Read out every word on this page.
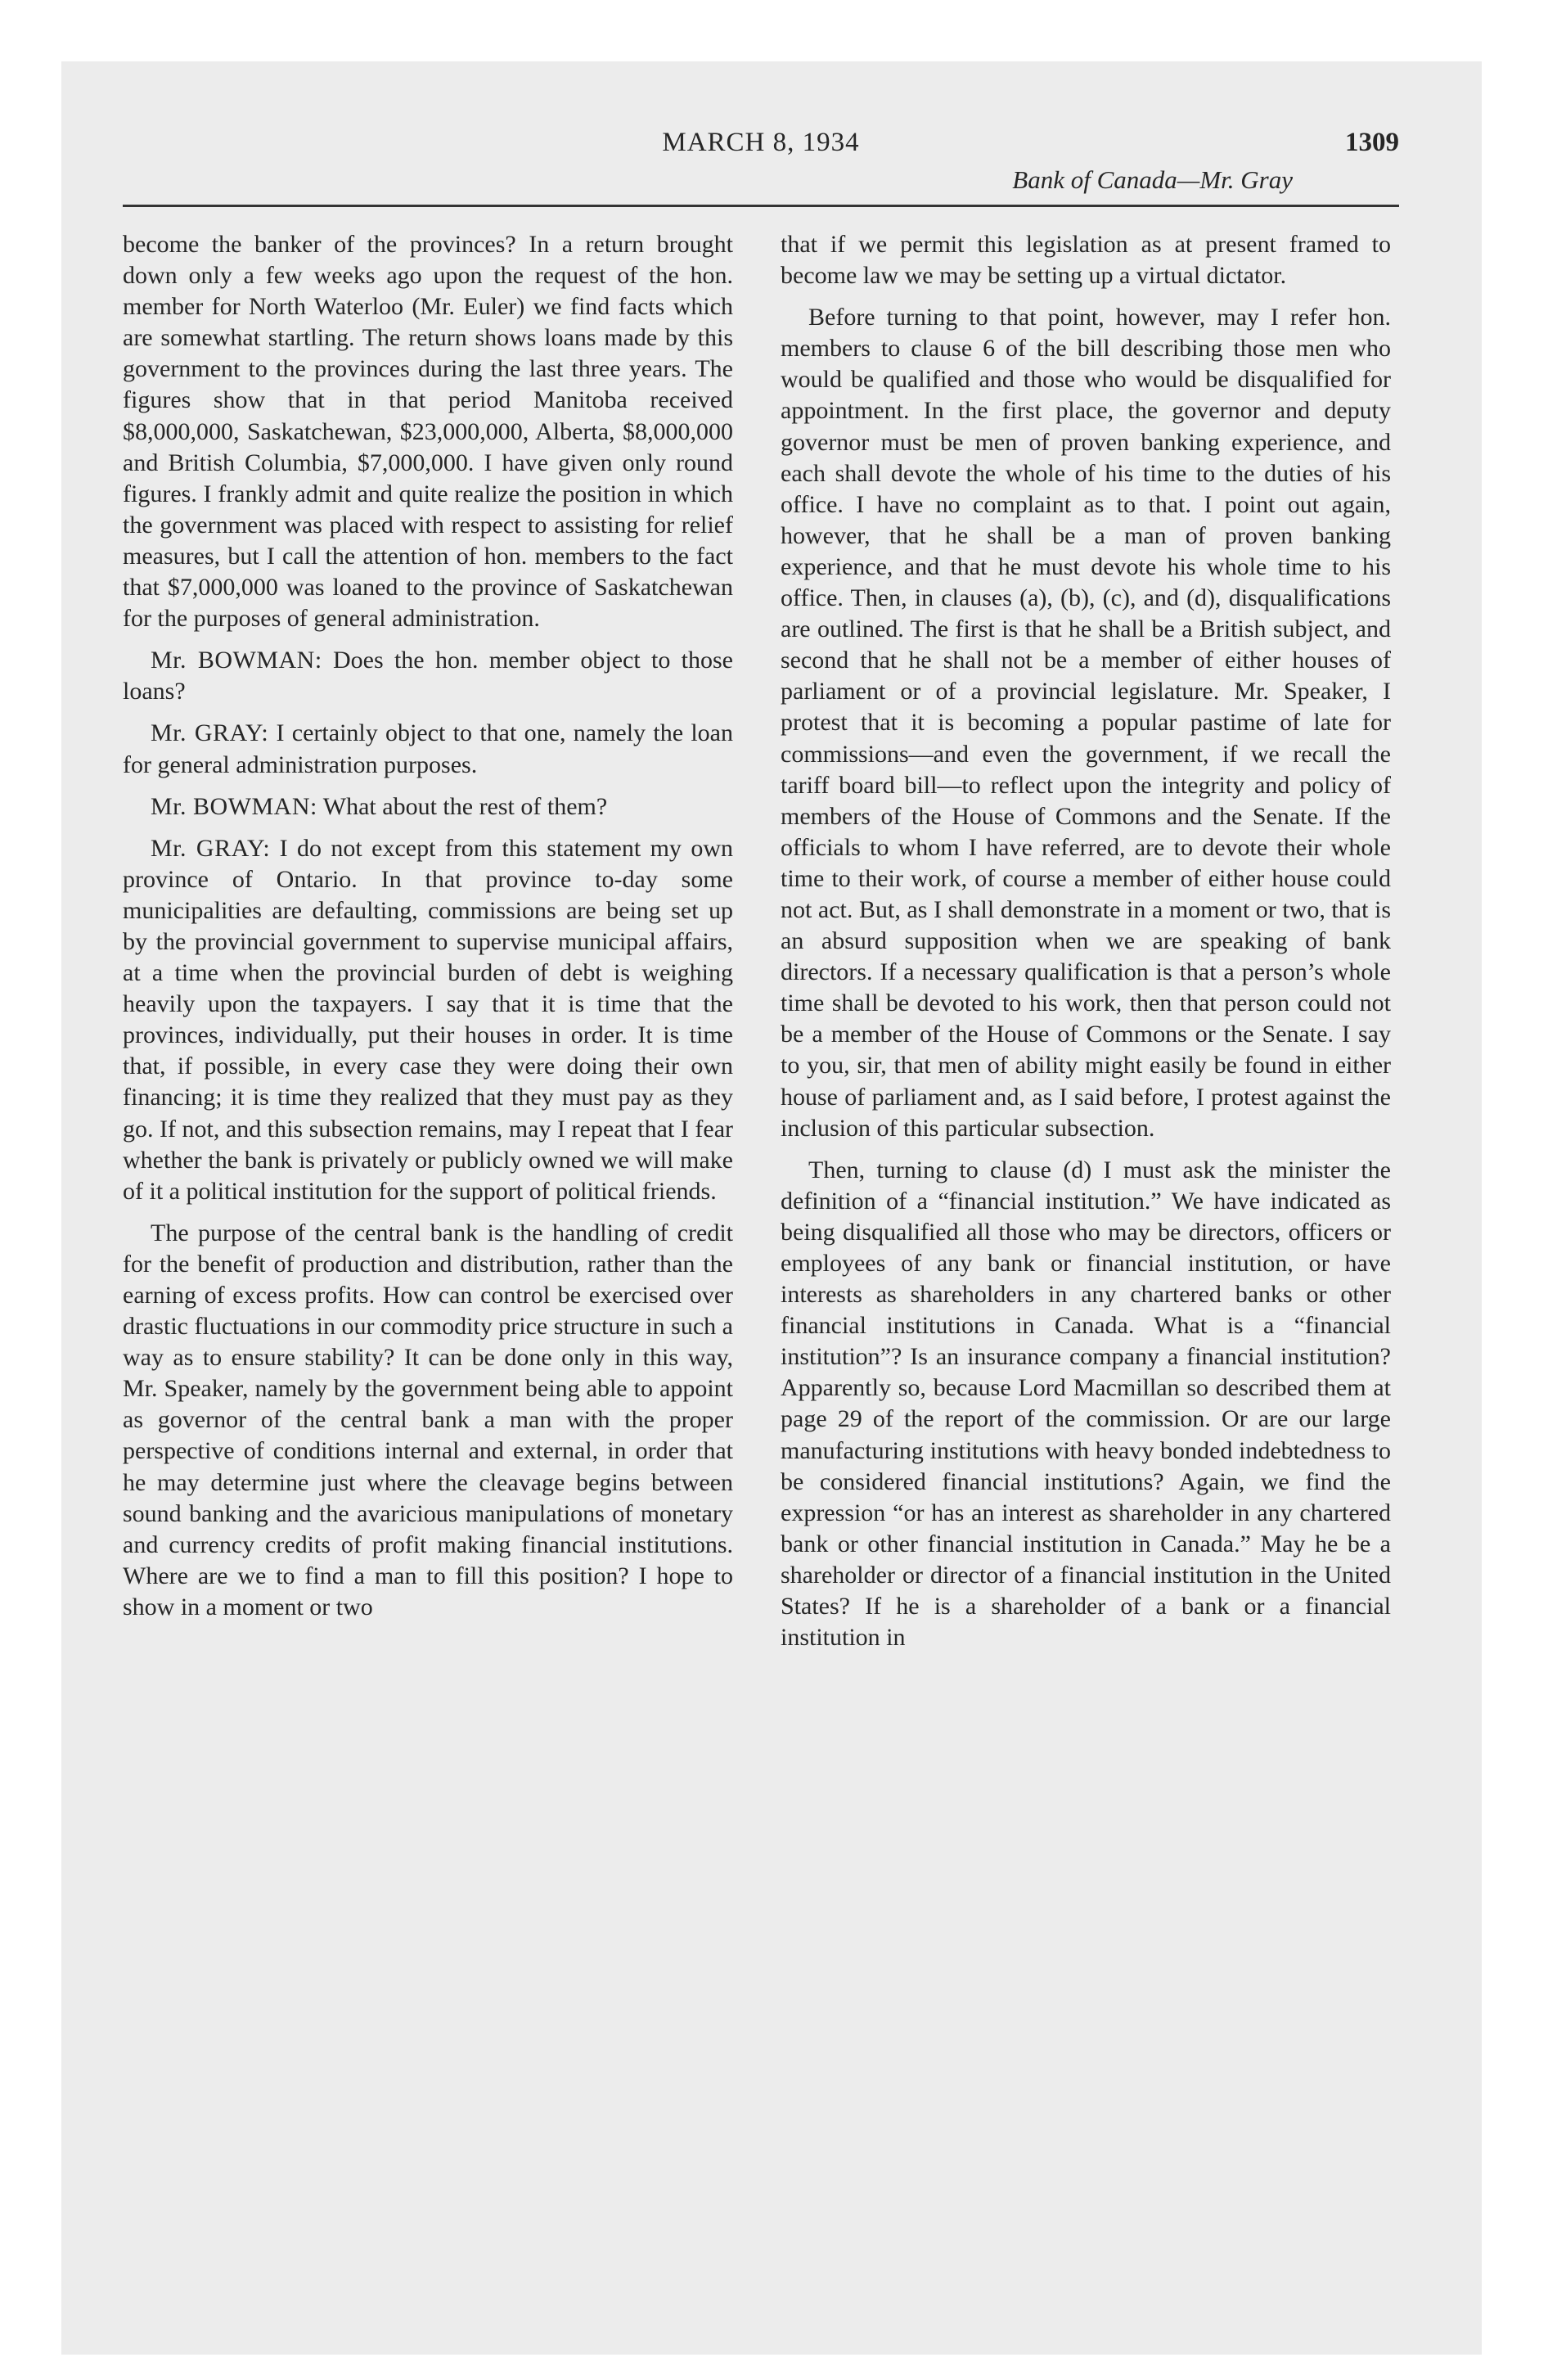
MARCH 8, 1934	1309
Bank of Canada—Mr. Gray

become the banker of the provinces? In a return brought down only a few weeks ago upon the request of the hon. member for North Waterloo (Mr. Euler) we find facts which are somewhat startling. The return shows loans made by this government to the provinces during the last three years. The figures show that in that period Manitoba received $8,000,000, Saskatchewan, $23,000,000, Alberta, $8,000,000 and British Columbia, $7,000,000. I have given only round figures. I frankly admit and quite realize the position in which the government was placed with respect to assisting for relief measures, but I call the attention of hon. members to the fact that $7,000,000 was loaned to the province of Saskatchewan for the purposes of general administration.

Mr. BOWMAN: Does the hon. member object to those loans?

Mr. GRAY: I certainly object to that one, namely the loan for general administration purposes.

Mr. BOWMAN: What about the rest of them?

Mr. GRAY: I do not except from this statement my own province of Ontario. In that province to-day some municipalities are defaulting, commissions are being set up by the provincial government to supervise municipal affairs, at a time when the provincial burden of debt is weighing heavily upon the taxpayers. I say that it is time that the provinces, individually, put their houses in order. It is time that, if possible, in every case they were doing their own financing; it is time they realized that they must pay as they go. If not, and this subsection remains, may I repeat that I fear whether the bank is privately or publicly owned we will make of it a political institution for the support of political friends.

The purpose of the central bank is the handling of credit for the benefit of production and distribution, rather than the earning of excess profits. How can control be exercised over drastic fluctuations in our commodity price structure in such a way as to ensure stability? It can be done only in this way, Mr. Speaker, namely by the government being able to appoint as governor of the central bank a man with the proper perspective of conditions internal and external, in order that he may determine just where the cleavage begins between sound banking and the avaricious manipulations of monetary and currency credits of profit making financial institutions. Where are we to find a man to fill this position? I hope to show in a moment or two

that if we permit this legislation as at present framed to become law we may be setting up a virtual dictator.

Before turning to that point, however, may I refer hon. members to clause 6 of the bill describing those men who would be qualified and those who would be disqualified for appointment. In the first place, the governor and deputy governor must be men of proven banking experience, and each shall devote the whole of his time to the duties of his office. I have no complaint as to that. I point out again, however, that he shall be a man of proven banking experience, and that he must devote his whole time to his office. Then, in clauses (a), (b), (c), and (d), disqualifications are outlined. The first is that he shall be a British subject, and second that he shall not be a member of either houses of parliament or of a provincial legislature. Mr. Speaker, I protest that it is becoming a popular pastime of late for commissions—and even the government, if we recall the tariff board bill—to reflect upon the integrity and policy of members of the House of Commons and the Senate. If the officials to whom I have referred, are to devote their whole time to their work, of course a member of either house could not act. But, as I shall demonstrate in a moment or two, that is an absurd supposition when we are speaking of bank directors. If a necessary qualification is that a person’s whole time shall be devoted to his work, then that person could not be a member of the House of Commons or the Senate. I say to you, sir, that men of ability might easily be found in either house of parliament and, as I said before, I protest against the inclusion of this particular subsection.

Then, turning to clause (d) I must ask the minister the definition of a “financial institution.” We have indicated as being disqualified all those who may be directors, officers or employees of any bank or financial institution, or have interests as shareholders in any chartered banks or other financial institutions in Canada. What is a “financial institution”? Is an insurance company a financial institution? Apparently so, because Lord Macmillan so described them at page 29 of the report of the commission. Or are our large manufacturing institutions with heavy bonded indebtedness to be considered financial institutions? Again, we find the expression “or has an interest as shareholder in any chartered bank or other financial institution in Canada.” May he be a shareholder or director of a financial institution in the United States? If he is a shareholder of a bank or a financial institution in
